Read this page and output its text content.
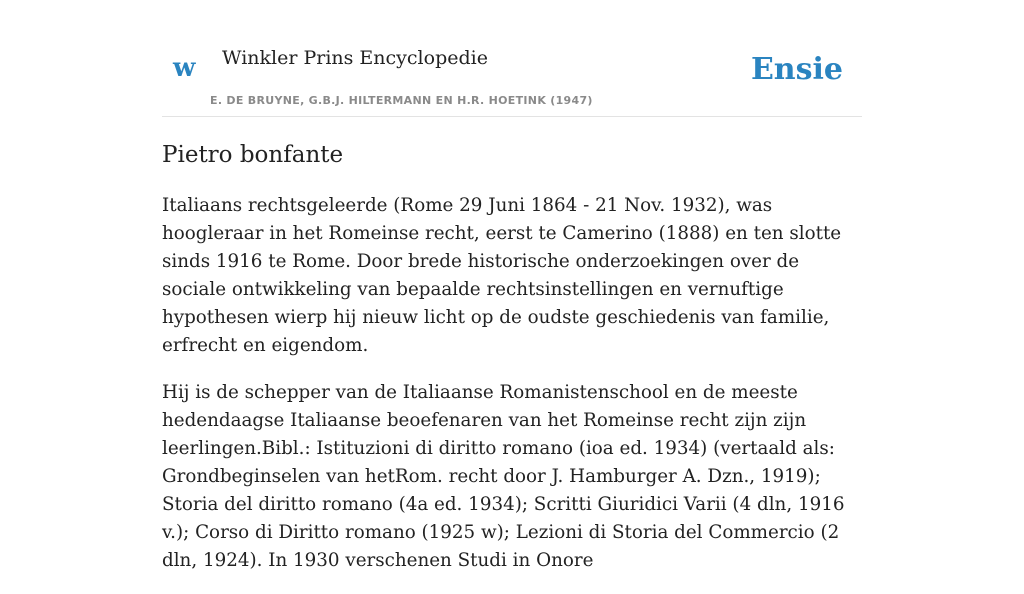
w Winkler Prins Encyclopedie
E. DE BRUYNE, G.B.J. HILTERMANN EN H.R. HOETINK (1947)
Ensie
Pietro bonfante

Italiaans rechtsgeleerde (Rome 29 Juni 1864 - 21 Nov. 1932), was hoogleraar in het Romeinse recht, eerst te Camerino (1888) en ten slotte sinds 1916 te Rome. Door brede historische onderzoekingen over de sociale ontwikkeling van bepaalde rechtsinstellingen en vernuftige hypothesen wierp hij nieuw licht op de oudste geschiedenis van familie, erfrecht en eigendom.

Hij is de schepper van de Italiaanse Romanistenschool en de meeste hedendaagse Italiaanse beoefenaren van het Romeinse recht zijn zijn leerlingen.Bibl.: Istituzioni di diritto romano (ioa ed. 1934) (vertaald als: Grondbeginselen van hetRom. recht door J. Hamburger A. Dzn., 1919); Storia del diritto romano (4a ed. 1934); Scritti Giuridici Varii (4 dln, 1916 v.); Corso di Diritto romano (1925 w); Lezioni di Storia del Commercio (2 dln, 1924). In 1930 verschenen Studi in Onore
